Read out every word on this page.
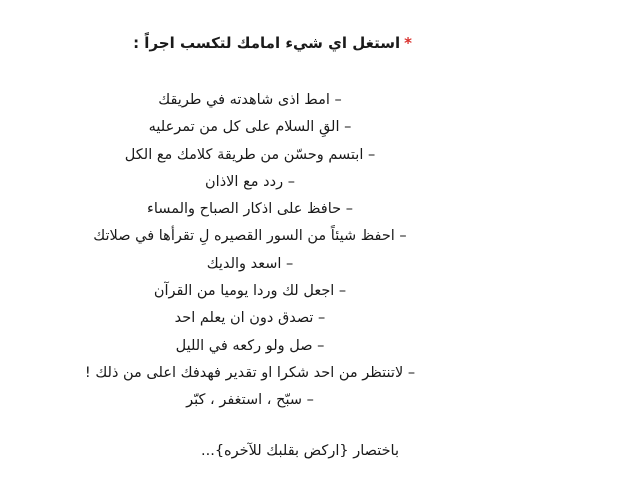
*استغل اي شيء امامك لتكسب اجراً :
– امط اذى شاهدته في طريقك
– القِ السلام على كل من تمرعليه
– ابتسم وحسّن من طريقة كلامك مع الكل
– ردد مع الاذان
– حافظ على اذكار الصباح والمساء
– احفظ شيئاً من السور القصيره لِ تقرأها في صلاتك
– اسعد والديك
– اجعل لك وردا يوميا من القرآن
– تصدق دون ان يعلم احد
– صل ولو ركعه في الليل
– لاتنتظر من احد شكرا او تقدير فهدفك اعلى من ذلك !
– سبّح ، استغفر ، كبّر
باختصار {اركض بقلبك للآخره}...
